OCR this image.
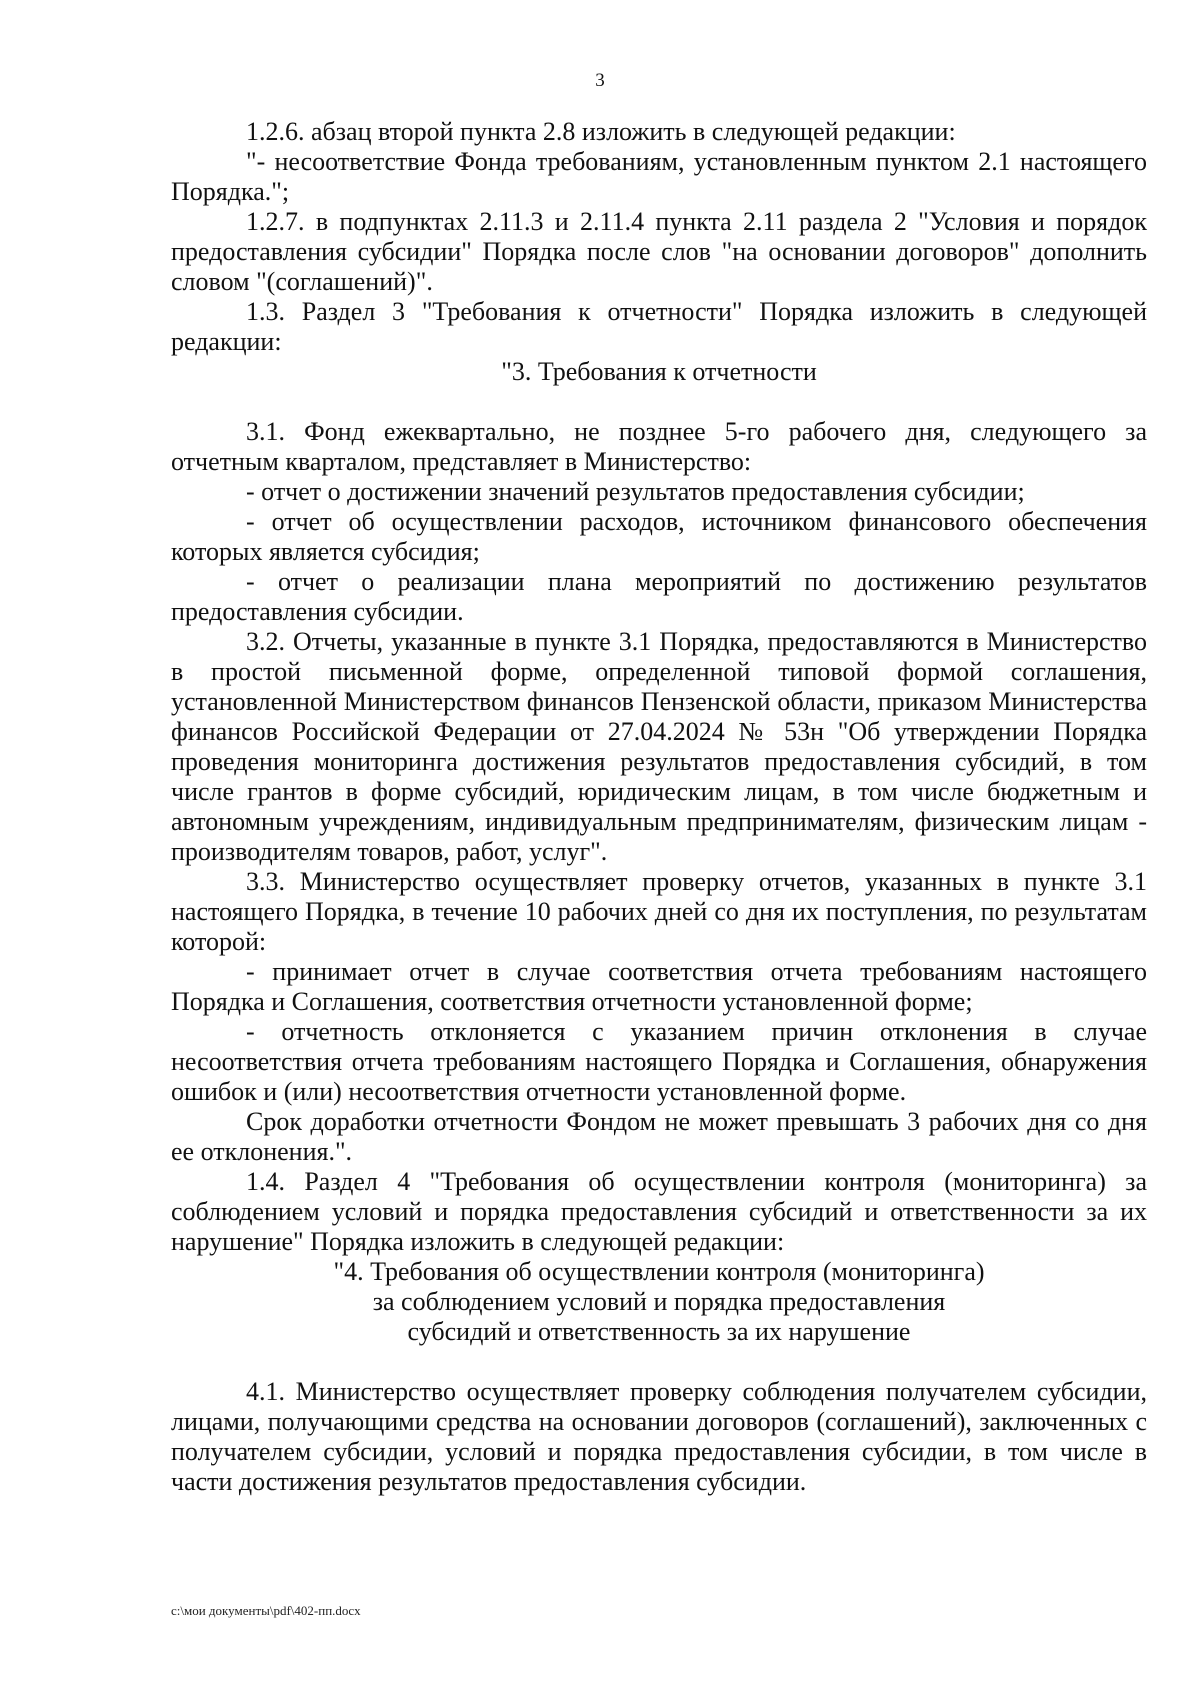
3

1.2.6. абзац второй пункта 2.8 изложить в следующей редакции:

"- несоответствие Фонда требованиям, установленным пунктом 2.1 настоящего Порядка.";

1.2.7. в подпунктах 2.11.3 и 2.11.4 пункта 2.11 раздела 2 "Условия и порядок предоставления субсидии" Порядка после слов "на основании договоров" дополнить словом "(соглашений)".

1.3. Раздел 3 "Требования к отчетности" Порядка изложить в следующей редакции:

"3. Требования к отчетности

3.1. Фонд ежеквартально, не позднее 5-го рабочего дня, следующего за отчетным кварталом, представляет в Министерство:

- отчет о достижении значений результатов предоставления субсидии;

- отчет об осуществлении расходов, источником финансового обеспечения которых является субсидия;

- отчет о реализации плана мероприятий по достижению результатов предоставления субсидии.

3.2. Отчеты, указанные в пункте 3.1 Порядка, предоставляются в Министерство в простой письменной форме, определенной типовой формой соглашения, установленной Министерством финансов Пензенской области, приказом Министерства финансов Российской Федерации от 27.04.2024 № 53н "Об утверждении Порядка проведения мониторинга достижения результатов предоставления субсидий, в том числе грантов в форме субсидий, юридическим лицам, в том числе бюджетным и автономным учреждениям, индивидуальным предпринимателям, физическим лицам - производителям товаров, работ, услуг".

3.3. Министерство осуществляет проверку отчетов, указанных в пункте 3.1 настоящего Порядка, в течение 10 рабочих дней со дня их поступления, по результатам которой:

- принимает отчет в случае соответствия отчета требованиям настоящего Порядка и Соглашения, соответствия отчетности установленной форме;

- отчетность отклоняется с указанием причин отклонения в случае несоответствия отчета требованиям настоящего Порядка и Соглашения, обнаружения ошибок и (или) несоответствия отчетности установленной форме.

Срок доработки отчетности Фондом не может превышать 3 рабочих дня со дня ее отклонения.".

1.4. Раздел 4 "Требования об осуществлении контроля (мониторинга) за соблюдением условий и порядка предоставления субсидий и ответственности за их нарушение" Порядка изложить в следующей редакции:

"4. Требования об осуществлении контроля (мониторинга)

за соблюдением условий и порядка предоставления

субсидий и ответственность за их нарушение

4.1. Министерство осуществляет проверку соблюдения получателем субсидии, лицами, получающими средства на основании договоров (соглашений), заключенных с получателем субсидии, условий и порядка предоставления субсидии, в том числе в части достижения результатов предоставления субсидии.

c:\мои документы\pdf\402-пп.docx
